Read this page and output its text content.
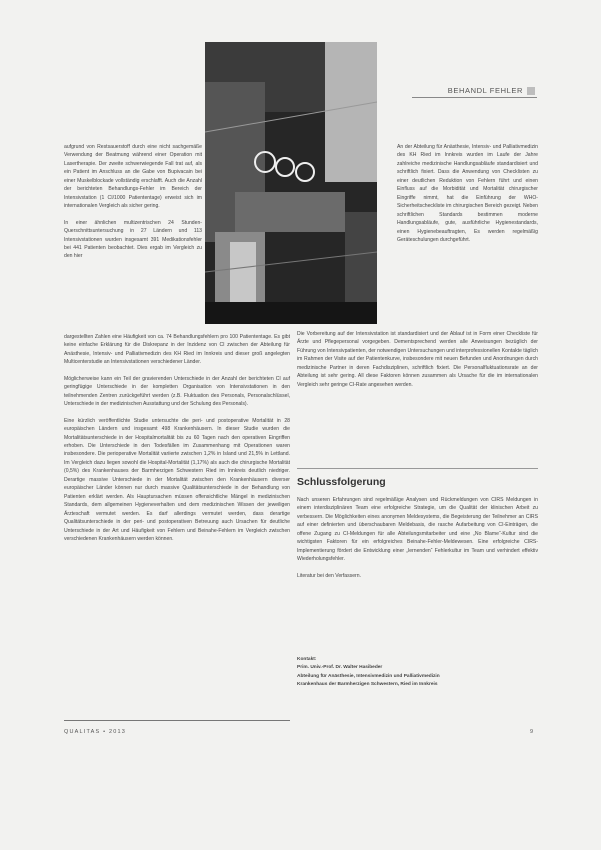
BEHANDL FEHLER

aufgrund von Restsauerstoff durch eine nicht sachgemäße Verwendung der Beatmung während einer Operation mit Lasertherapie. Der zweite schwerwiegende Fall trat auf, als ein Patient im Anschluss an die Gabe von Bupivacain bei einer Muskelblockade vollständig erschlafft. Auch die Anzahl der berichteten Behandlungs-Fehler im Bereich der Intensivstation (1 CI/1000 Patiententage) erweist sich im internationalen Vergleich als sicher gering.

In einer ähnlichen multizentrischen 24 Stunden-Querschnittsuntersuchung in 27 Ländern und 113 Intensivstationen wurden insgesamt 391 Medikationsfehler bei 441 Patienten beobachtet. Dies ergab im Vergleich zu den hier

dargestellten Zahlen eine Häufigkeit von ca. 74 Behandlungsfehlern pro 100 Patiententage. Es gibt keine einfache Erklärung für die Diskrepanz in der Inzidenz von CI zwischen der Abteilung für Anästhesie, Intensiv- und Palliativmedizin des KH Ried im Innkreis und dieser groß angelegten Multicenterstudie an Intensivstationen verschiedener Länder.

Möglicherweise kann ein Teil der gravierenden Unterschiede in der Anzahl der berichteten CI auf geringfügige Unterschiede in der kompletten Organisation von Intensivstationen in den teilnehmenden Zentren zurückgeführt werden (z.B. Fluktuation des Personals, Personalschlüssel, Unterschiede in der medizinischen Ausstattung und der Schulung des Personals).

Eine kürzlich veröffentlichte Studie untersuchte die peri- und postoperative Mortalität in 28 europäischen Ländern und insgesamt 498 Krankenhäusern. In dieser Studie wurden die Mortalitätsunterschiede in der Hospitalmortalität bis zu 60 Tagen nach den operativen Eingriffen erhoben. Die Unterschiede in den Todesfällen im Zusammenhang mit Operationen waren insbesondere. Die perioperative Mortalität variierte zwischen 1,2% in Island und 21,5% in Lettland. Im Vergleich dazu liegen sowohl die Hospital-Mortalität (1,17%) als auch die chirurgische Mortalität (0,5%) des Krankenhauses der Barmherzigen Schwestern Ried im Innkreis deutlich niedriger. Derartige massive Unterschiede in der Mortalität zwischen den Krankenhäusern diverser europäischer Länder können nur durch massive Qualitätsunterschiede in der Behandlung von Patienten erklärt werden. Als Hauptursachen müssen offensichtliche Mängel in medizinischen Standards, dem allgemeinen Hygieneverhalten und dem medizinischen Wissen der jeweiligen Ärzteschaft vermutet werden. Es darf allerdings vermutet werden, dass derartige Qualitätsunterschiede in der peri- und postoperativen Betreuung auch Ursachen für deutliche Unterschiede in der Art und Häufigkeit von Fehlern und Beinahe-Fehlern im Vergleich zwischen verschiedenen Krankenhäusern werden können.

An der Abteilung für Anästhesie, Intensiv- und Palliativmedizin des KH Ried im Innkreis wurden im Laufe der Jahre zahlreiche medizinische Handlungsabläufe standardisiert und schriftlich fixiert. Dass die Anwendung von Checklisten zu einer deutlichen Reduktion von Fehlern führt und einen Einfluss auf die Morbidität und Mortalität chirurgischer Eingriffe nimmt, hat die Einführung der WHO-Sicherheitscheckliste im chirurgischen Bereich gezeigt. Neben schriftlichen Standards bestimmen moderne Handlungsabläufe, gute, ausführliche Hygienestandards, einen Hygienebeauftragten, Es werden regelmäßig Geräteschulungen durchgeführt.

Die Vorbereitung auf der Intensivstation ist standardisiert und der Ablauf ist in Form einer Checkliste für Ärzte und Pflegepersonal vorgegeben. Dementsprechend werden alle Anweisungen bezüglich der Führung von Intensivpatienten, der notwendigen Untersuchungen und interprofessionellen Kontakte täglich im Rahmen der Visite auf der Patientenkurve, insbesondere mit neuen Befunden und Anordnungen durch medizinische Partner in deren Fachdisziplinen, schriftlich fixiert. Die Personalfluktuationsrate an der Abteilung ist sehr gering. All diese Faktoren können zusammen als Ursache für die im internationalen Vergleich sehr geringe CI-Rate angesehen werden.

Schlussfolgerung

Nach unseren Erfahrungen sind regelmäßige Analysen und Rückmeldungen von CIRS Meldungen in einem interdisziplinären Team eine erfolgreiche Strategie, um die Qualität der klinischen Arbeit zu verbessern. Die Möglichkeiten eines anonymen Meldesystems, die Begeisterung der Teilnehmer an CIRS auf einer definierten und überschaubaren Meldebasis, die rasche Aufarbeitung von CI-Einträgen, die offene Zugang zu CI-Meldungen für alle Abteilungsmitarbeiter und eine „No Blame“-Kultur sind die wichtigsten Faktoren für ein erfolgreiches Beinahe-Fehler-Meldewesen. Eine erfolgreiche CIRS-Implementierung fördert die Entwicklung einer „lernenden“ Fehlerkultur im Team und verhindert effektiv Wiederholungsfehler.

Literatur bei den Verfassern.

Kontakt:
Prim. Univ.-Prof. Dr. Walter Hasibeder
Abteilung für Anästhesie, Intensivmedizin und Palliativmedizin
Krankenhaus der Barmherzigen Schwestern, Ried im Innkreis
QUALITAS • 2013	9
